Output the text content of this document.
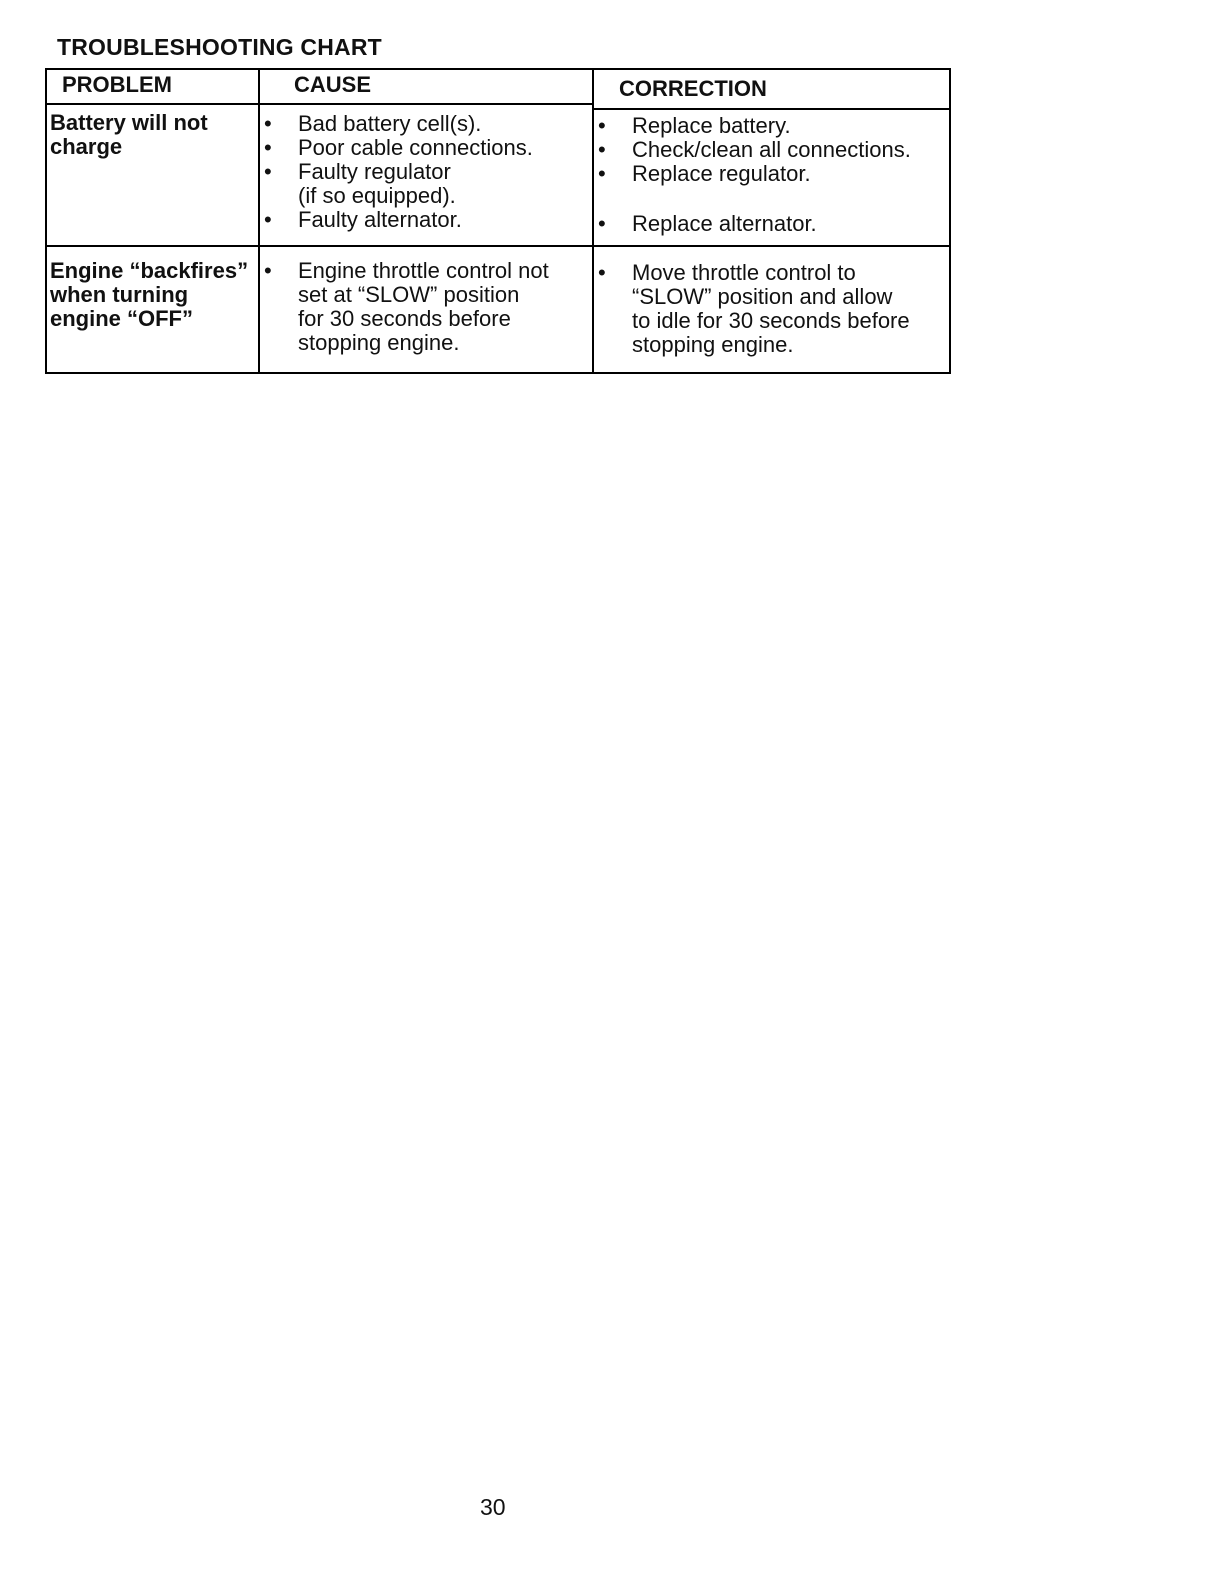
TROUBLESHOOTING CHART
PROBLEM	CAUSE	CORRECTION
Battery will not
charge
• Bad battery cell(s).
• Poor cable connections.
• Faulty regulator
(if so equipped).
• Faulty alternator.
• Replace battery.
• Check/clean all connections.
• Replace regulator.
• Replace alternator.
Engine “backfires”
when turning
engine “OFF”
• Engine throttle control not
set at “SLOW” position
for 30 seconds before
stopping engine.
• Move throttle control to
“SLOW” position and allow
to idle for 30 seconds before
stopping engine.
30
